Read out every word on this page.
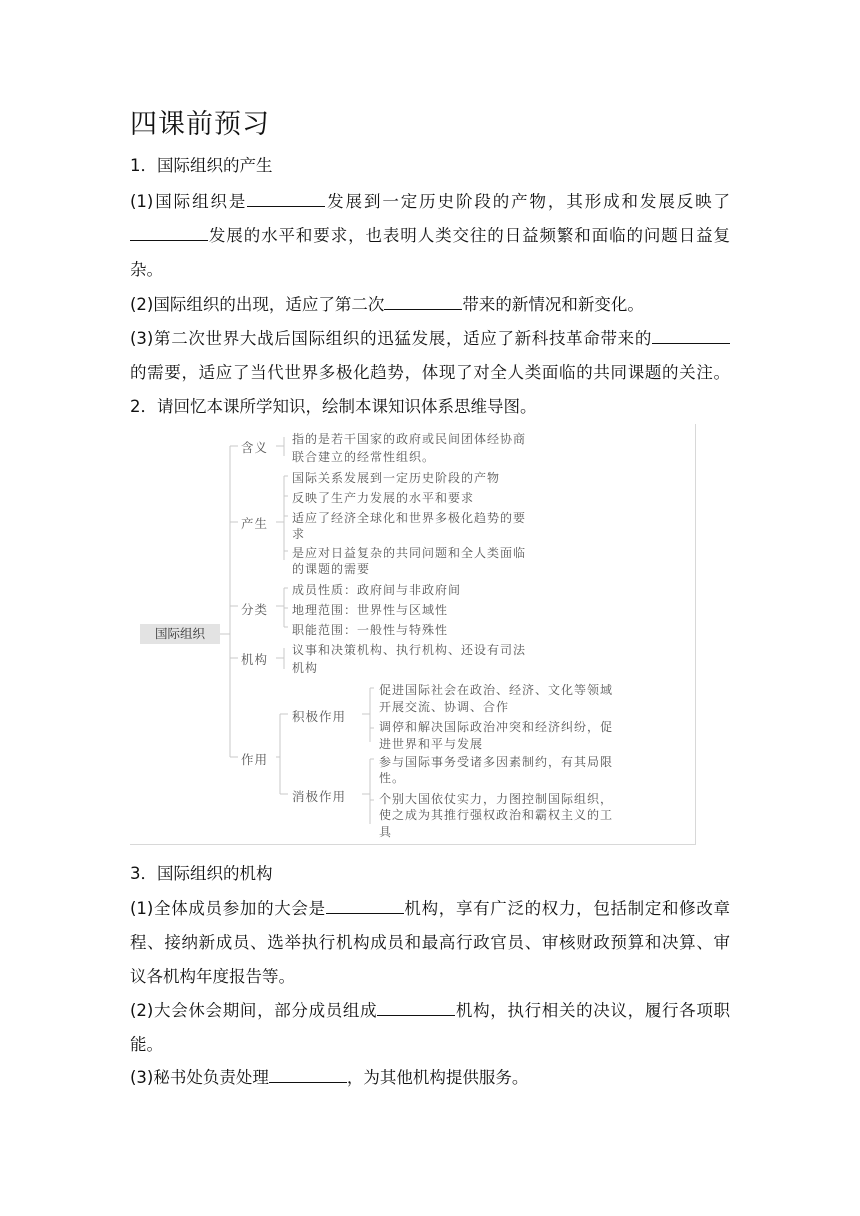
四课前预习
1．国际组织的产生
(1)国际组织是	发展到一定历史阶段的产物，其形成和发展反映了
发展的水平和要求，也表明人类交往的日益频繁和面临的问题日益复
杂。
(2)国际组织的出现，适应了第二次	带来的新情况和新变化。
(3)第二次世界大战后国际组织的迅猛发展，适应了新科技革命带来的
的需要，适应了当代世界多极化趋势，体现了对全人类面临的共同课题的关注。
2．请回忆本课所学知识，绘制本课知识体系思维导图。
国际组织
含义
指的是若干国家的政府或民间团体经协商
联合建立的经常性组织。
产生
国际关系发展到一定历史阶段的产物
反映了生产力发展的水平和要求
适应了经济全球化和世界多极化趋势的要
求
是应对日益复杂的共同问题和全人类面临
的课题的需要
分类
成员性质：政府间与非政府间
地理范围：世界性与区域性
职能范围：一般性与特殊性
机构
议事和决策机构、执行机构、还设有司法
机构
作用
积极作用
促进国际社会在政治、经济、文化等领域
开展交流、协调、合作
调停和解决国际政治冲突和经济纠纷，促
进世界和平与发展
消极作用
参与国际事务受诸多因素制约，有其局限
性。
个别大国依仗实力，力图控制国际组织，
使之成为其推行强权政治和霸权主义的工
具
3．国际组织的机构
(1)全体成员参加的大会是	机构，享有广泛的权力，包括制定和修改章
程、接纳新成员、选举执行机构成员和最高行政官员、审核财政预算和决算、审
议各机构年度报告等。
(2)大会休会期间，部分成员组成	机构，执行相关的决议，履行各项职
能。
(3)秘书处负责处理	，为其他机构提供服务。
